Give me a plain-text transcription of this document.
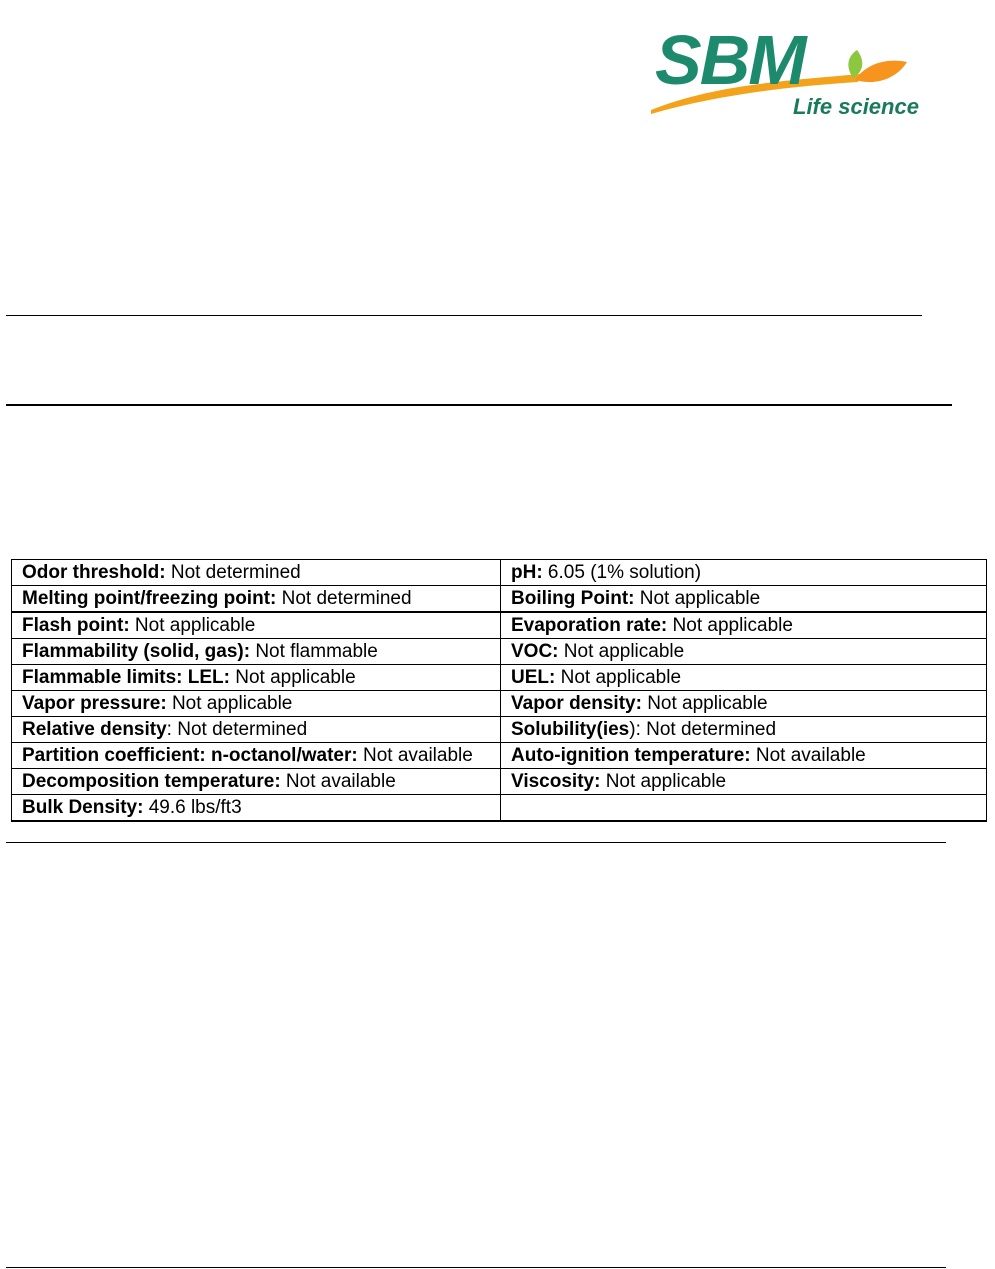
SBM
Life science
Odor threshold: Not determined	pH: 6.05 (1% solution)
Melting point/freezing point: Not determined	Boiling Point: Not applicable
Flash point: Not applicable	Evaporation rate: Not applicable
Flammability (solid, gas): Not flammable	VOC: Not applicable
Flammable limits: LEL: Not applicable	UEL: Not applicable
Vapor pressure: Not applicable	Vapor density: Not applicable
Relative density: Not determined	Solubility(ies): Not determined
Partition coefficient: n-octanol/water: Not available	Auto-ignition temperature: Not available
Decomposition temperature: Not available	Viscosity: Not applicable
Bulk Density: 49.6 lbs/ft3	
